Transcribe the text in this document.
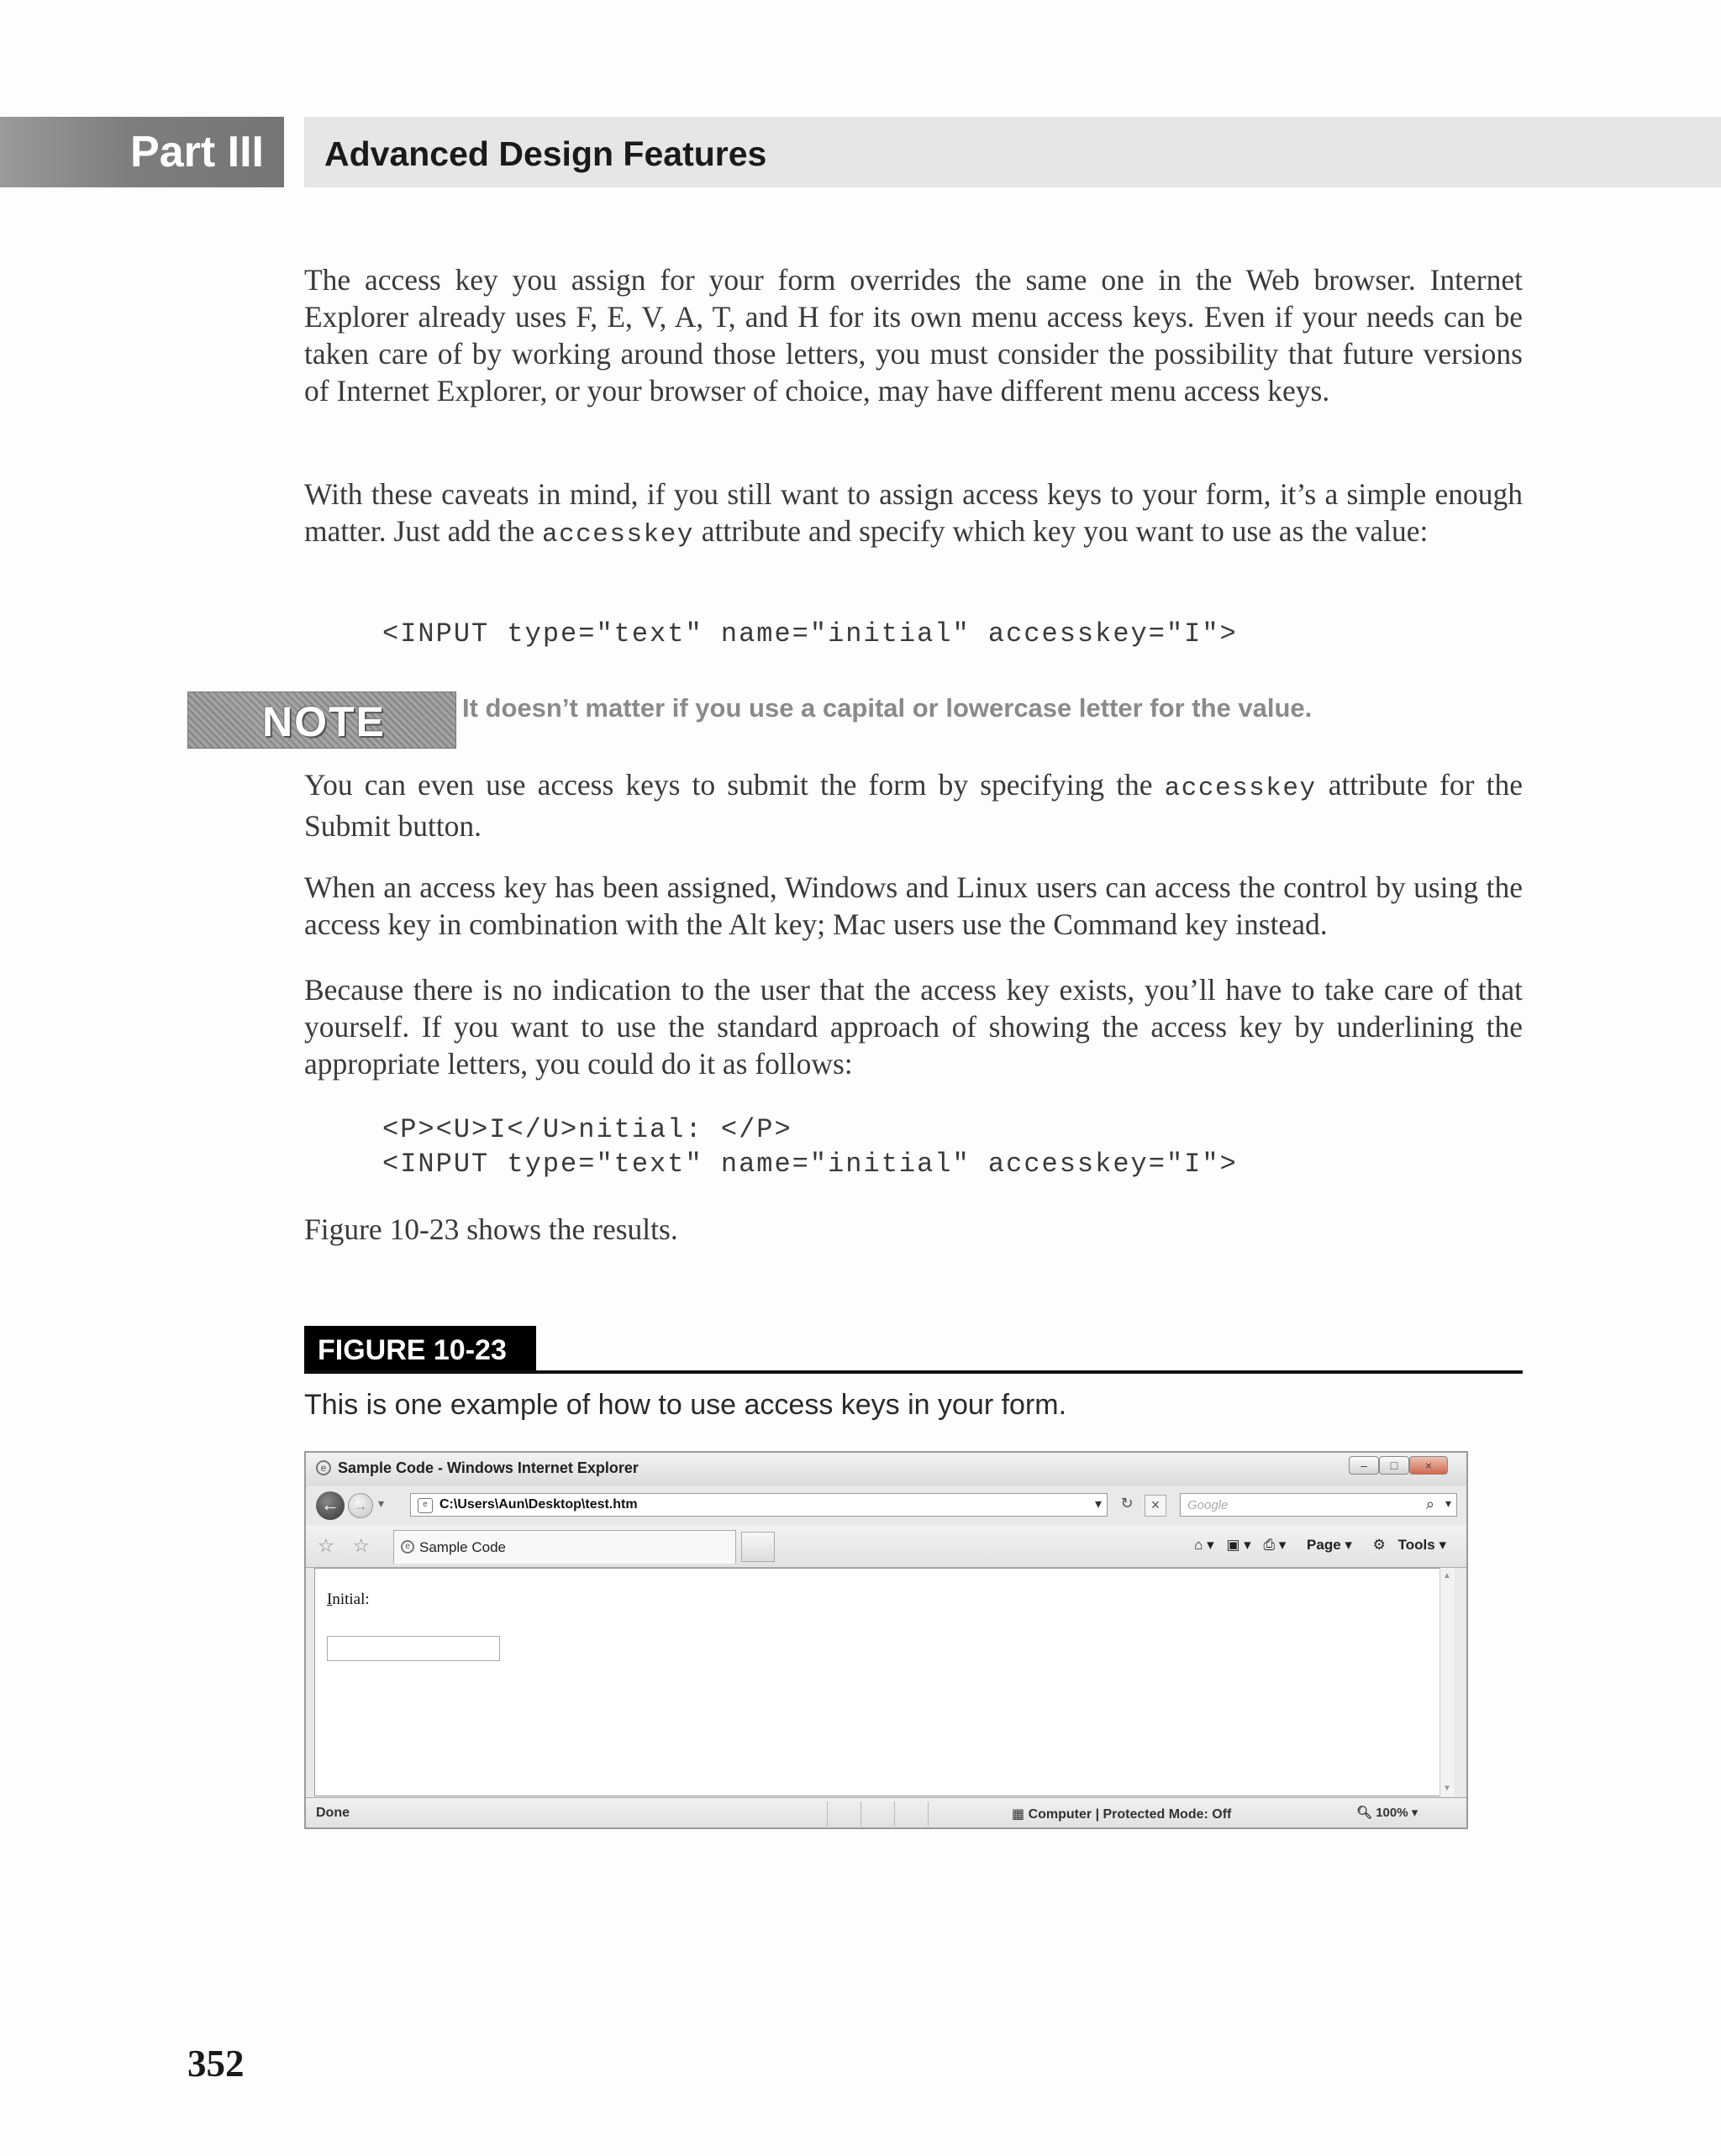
Part III	Advanced Design Features

The access key you assign for your form overrides the same one in the Web browser. Internet Explorer already uses F, E, V, A, T, and H for its own menu access keys. Even if your needs can be taken care of by working around those letters, you must consider the possibility that future versions of Internet Explorer, or your browser of choice, may have different menu access keys.

With these caveats in mind, if you still want to assign access keys to your form, it’s a simple enough matter. Just add the accesskey attribute and specify which key you want to use as the value:

<INPUT type="text" name="initial" accesskey="I">
NOTE	It doesn’t matter if you use a capital or lowercase letter for the value.

You can even use access keys to submit the form by specifying the accesskey attribute for the Submit button.

When an access key has been assigned, Windows and Linux users can access the control by using the access key in combination with the Alt key; Mac users use the Command key instead.

Because there is no indication to the user that the access key exists, you’ll have to take care of that yourself. If you want to use the standard approach of showing the access key by underlining the appropriate letters, you could do it as follows:

<P><U>I</U>nitial: </P>
<INPUT type="text" name="initial" accesskey="I">

Figure 10-23 shows the results.

FIGURE 10-23
This is one example of how to use access keys in your form.
e Sample Code - Windows Internet Explorer	–	□	×
← → ▾	e C:\Users\Aun\Desktop\test.htm	▾	↻	×	Google	⌕ ▾
☆ ☆	e Sample Code	⌂ ▾ ▣ ▾ ⎙ ▾ Page ▾ ⚙ Tools ▾
Initial:
▲
▼
Done	▦ Computer | Protected Mode: Off	🔍︎ 100% ▾
352
